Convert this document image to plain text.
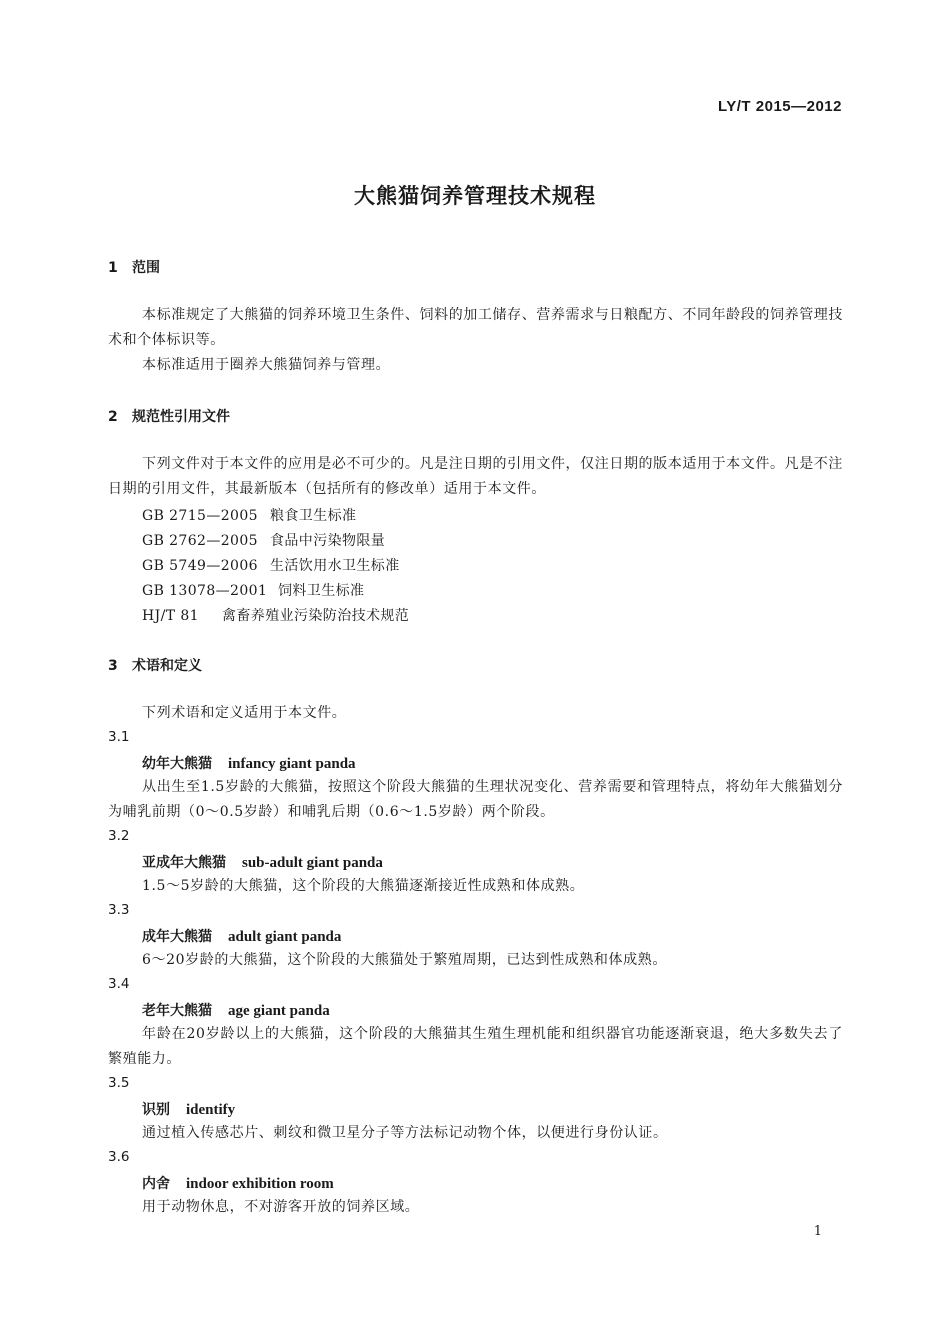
LY/T 2015—2012
大熊猫饲养管理技术规程
1 范围
本标准规定了大熊猫的饲养环境卫生条件、饲料的加工储存、营养需求与日粮配方、不同年龄段的饲养管理技术和个体标识等。
本标准适用于圈养大熊猫饲养与管理。
2 规范性引用文件
下列文件对于本文件的应用是必不可少的。凡是注日期的引用文件，仅注日期的版本适用于本文件。凡是不注日期的引用文件，其最新版本（包括所有的修改单）适用于本文件。
GB 2715—2005 粮食卫生标准
GB 2762—2005 食品中污染物限量
GB 5749—2006 生活饮用水卫生标准
GB 13078—2001 饲料卫生标准
HJ/T 81 禽畜养殖业污染防治技术规范
3 术语和定义
下列术语和定义适用于本文件。
3.1
幼年大熊猫 infancy giant panda
从出生至1.5岁龄的大熊猫，按照这个阶段大熊猫的生理状况变化、营养需要和管理特点，将幼年大熊猫划分为哺乳前期（0～0.5岁龄）和哺乳后期（0.6～1.5岁龄）两个阶段。
3.2
亚成年大熊猫 sub-adult giant panda
1.5～5岁龄的大熊猫，这个阶段的大熊猫逐渐接近性成熟和体成熟。
3.3
成年大熊猫 adult giant panda
6～20岁龄的大熊猫，这个阶段的大熊猫处于繁殖周期，已达到性成熟和体成熟。
3.4
老年大熊猫 age giant panda
年龄在20岁龄以上的大熊猫，这个阶段的大熊猫其生殖生理机能和组织器官功能逐渐衰退，绝大多数失去了繁殖能力。
3.5
识别 identify
通过植入传感芯片、刺纹和微卫星分子等方法标记动物个体，以便进行身份认证。
3.6
内舍 indoor exhibition room
用于动物休息，不对游客开放的饲养区域。
1
